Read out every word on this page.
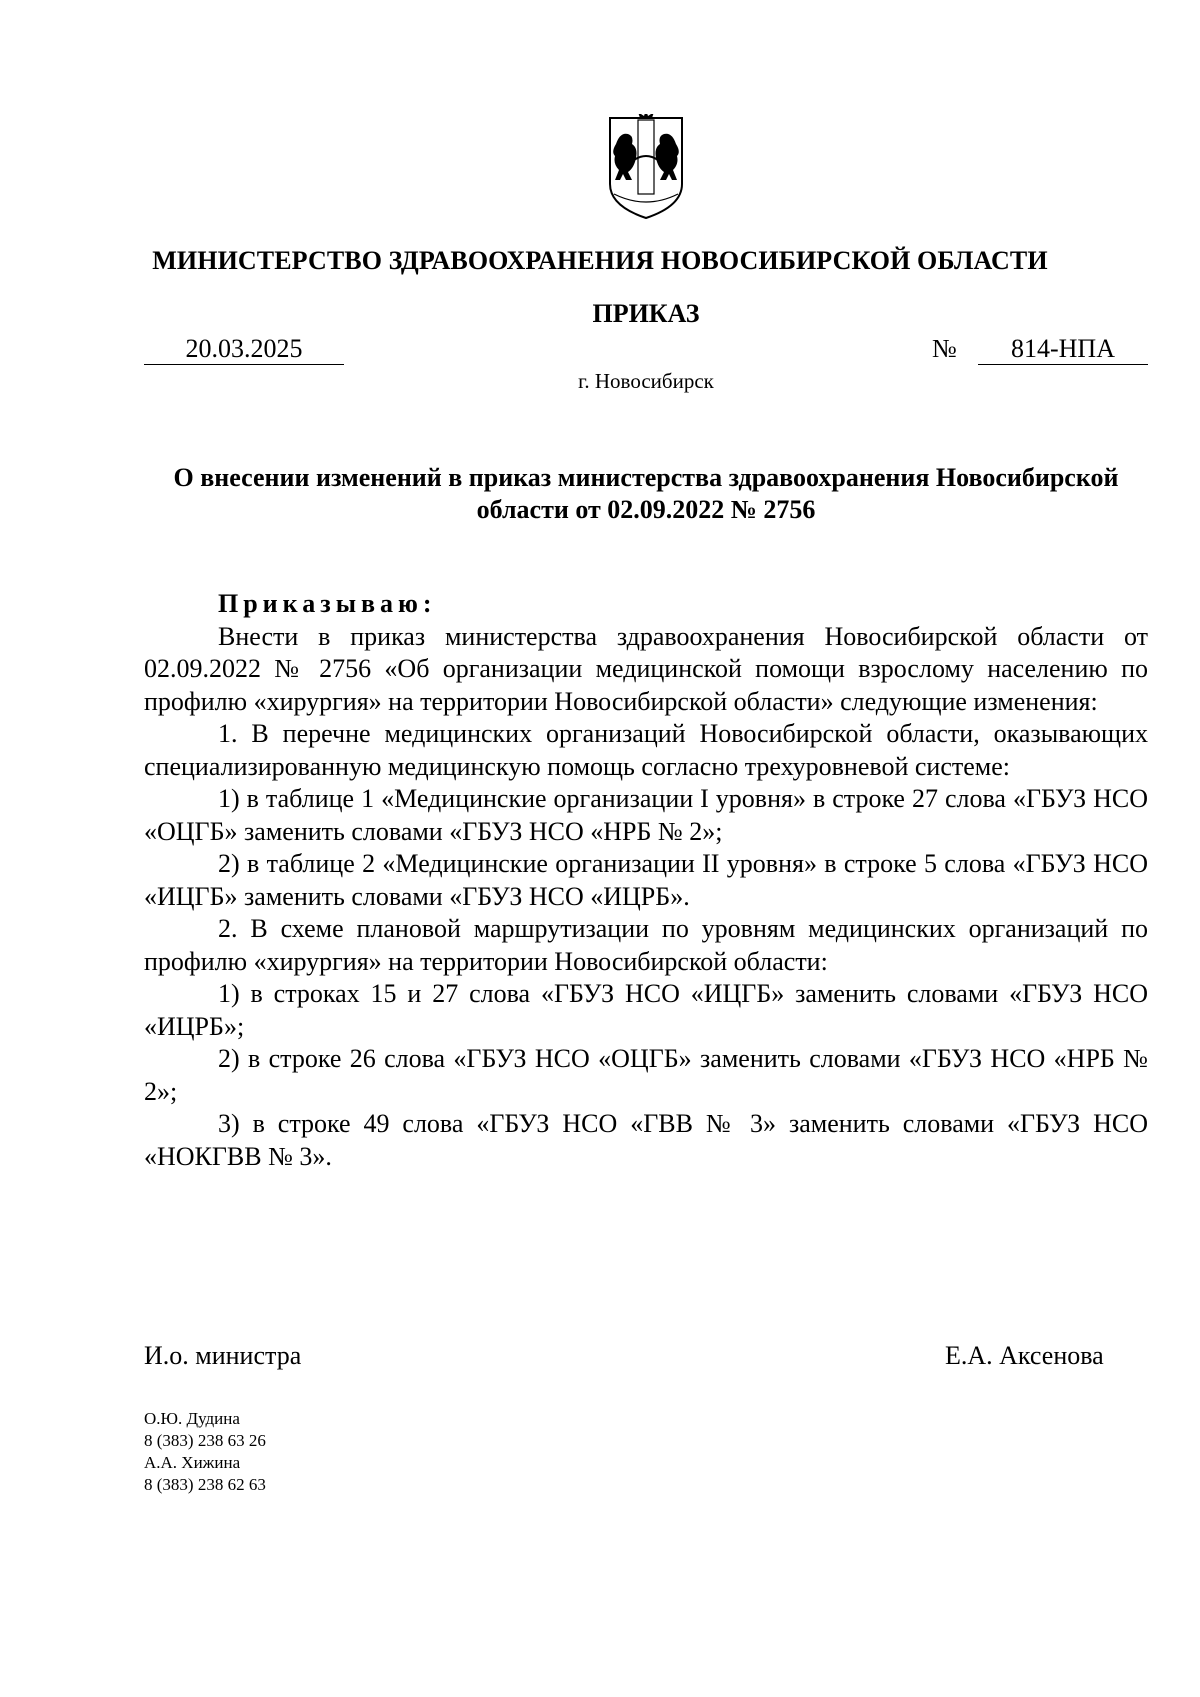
МИНИСТЕРСТВО ЗДРАВООХРАНЕНИЯ НОВОСИБИРСКОЙ ОБЛАСТИ
ПРИКАЗ
20.03.2025	№	814-НПА
г. Новосибирск
О внесении изменений в приказ министерства здравоохранения Новосибирской области от 02.09.2022 № 2756

Приказываю:

Внести в приказ министерства здравоохранения Новосибирской области от 02.09.2022 № 2756 «Об организации медицинской помощи взрослому населению по профилю «хирургия» на территории Новосибирской области» следующие изменения:

1. В перечне медицинских организаций Новосибирской области, оказывающих специализированную медицинскую помощь согласно трехуровневой системе:

1) в таблице 1 «Медицинские организации I уровня» в строке 27 слова «ГБУЗ НСО «ОЦГБ» заменить словами «ГБУЗ НСО «НРБ № 2»;

2) в таблице 2 «Медицинские организации II уровня» в строке 5 слова «ГБУЗ НСО «ИЦГБ» заменить словами «ГБУЗ НСО «ИЦРБ».

2. В схеме плановой маршрутизации по уровням медицинских организаций по профилю «хирургия» на территории Новосибирской области:

1) в строках 15 и 27 слова «ГБУЗ НСО «ИЦГБ» заменить словами «ГБУЗ НСО «ИЦРБ»;

2) в строке 26 слова «ГБУЗ НСО «ОЦГБ» заменить словами «ГБУЗ НСО «НРБ № 2»;

3) в строке 49 слова «ГБУЗ НСО «ГВВ № 3» заменить словами «ГБУЗ НСО «НОКГВВ № 3».

И.о. министра	Е.А. Аксенова
О.Ю. Дудина
8 (383) 238 63 26
А.А. Хижина
8 (383) 238 62 63
